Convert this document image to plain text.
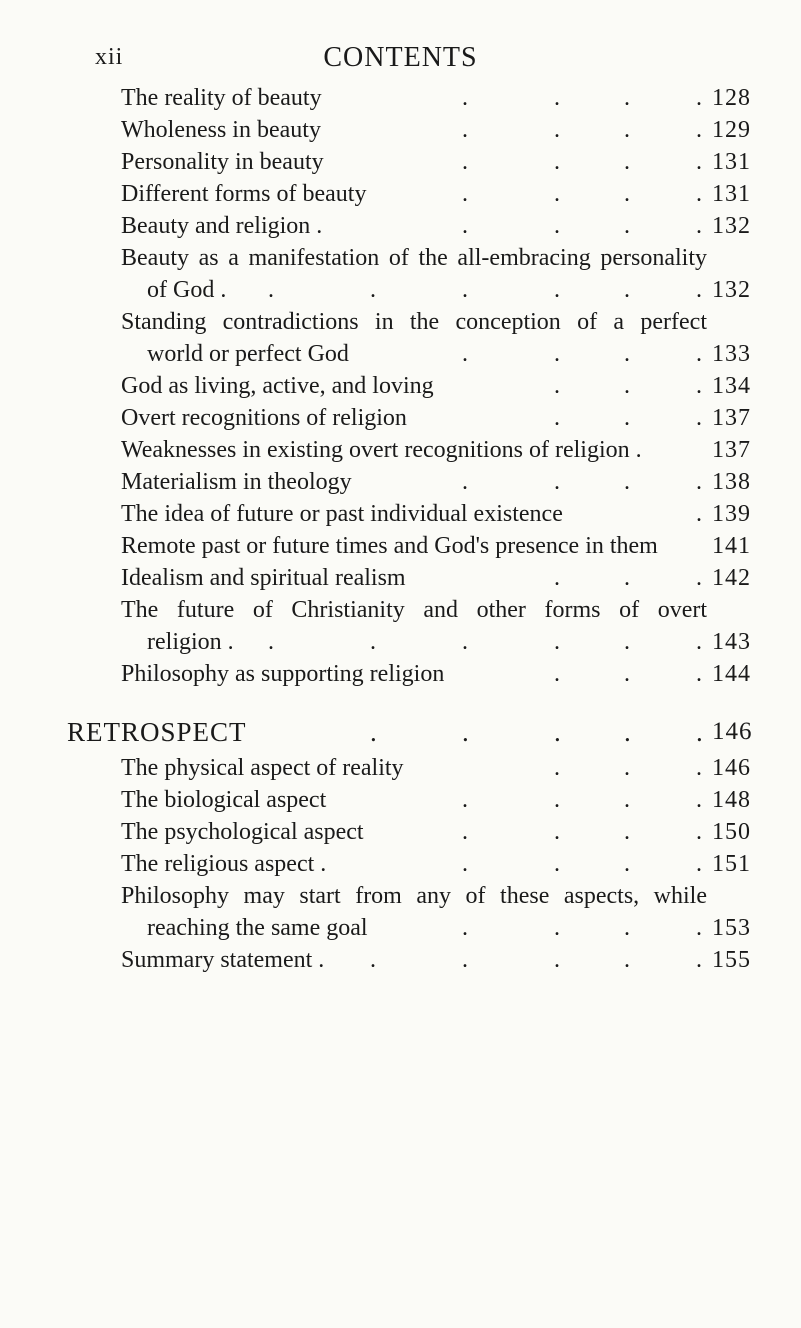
xii	CONTENTS
The reality of beauty	.	.	.	. 128
Wholeness in beauty	.	.	.	. 129
Personality in beauty	.	.	.	. 131
Different forms of beauty	.	.	.	. 131
Beauty and religion .	.	.	.	. 132
Beauty as a manifestation of the all-embracing personality
of God . .	.	.	.	.	. 132
Standing contradictions in the conception of a perfect
world or perfect God	.	.	.	. 133
God as living, active, and loving	.	.	. 134
Overt recognitions of religion	.	.	. 137
Weaknesses in existing overt recognitions of religion .	137
Materialism in theology	.	.	.	. 138
The idea of future or past individual existence	. 139
Remote past or future times and God's presence in them 141
Idealism and spiritual realism	.	.	. 142
The future of Christianity and other forms of overt
religion . .	.	.	.	.	. 143
Philosophy as supporting religion	.	.	. 144
RETROSPECT	.	.	. . . 146
The physical aspect of reality	.	.	. 146
The biological aspect	.	.	.	. 148
The psychological aspect	.	.	.	. 150
The religious aspect .	.	.	.	. 151
Philosophy may start from any of these aspects, while
reaching the same goal	.	.	.	. 153
Summary statement . .	.	.	.	. 155
